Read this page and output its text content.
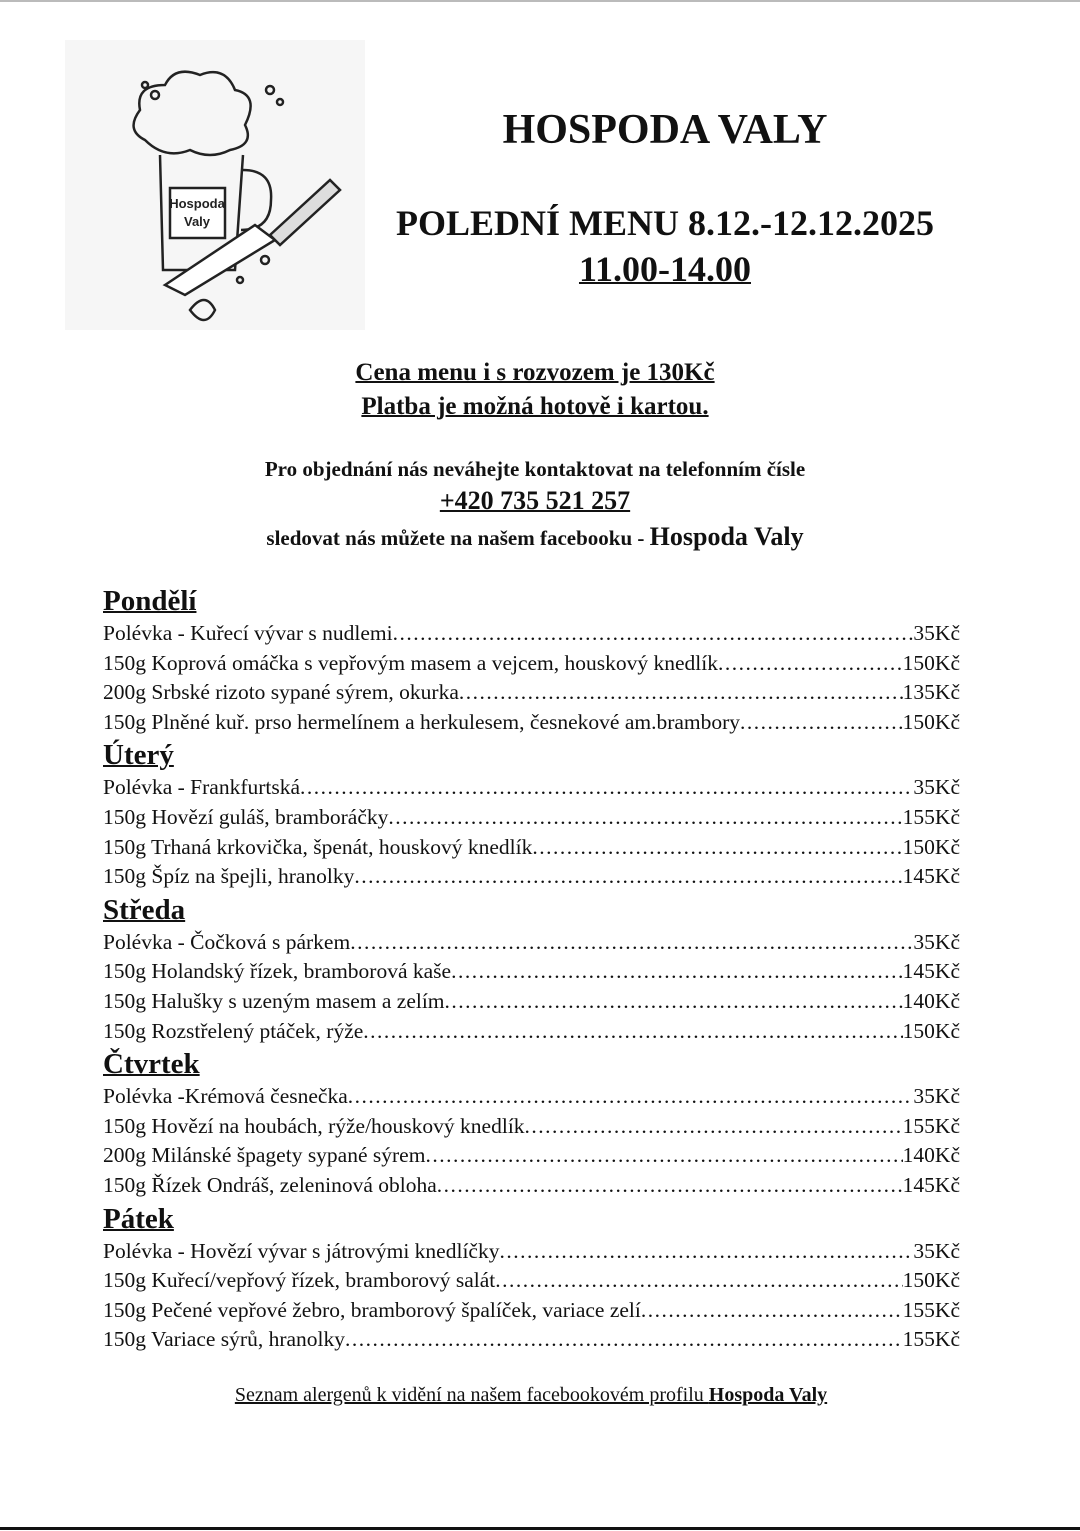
Hospoda
Valy
HOSPODA VALY
POLEDNÍ MENU 8.12.-12.12.2025
11.00-14.00
Cena menu i s rozvozem je 130Kč
Platba je možná hotově i kartou.
Pro objednání nás neváhejte kontaktovat na telefonním čísle
+420 735 521 257
sledovat nás můžete na našem facebooku - Hospoda Valy
Pondělí
Polévka - Kuřecí vývar s nudlemi .....	35Kč
150g Koprová omáčka s vepřovým masem a vejcem, houskový knedlík .....	150Kč
200g Srbské rizoto sypané sýrem, okurka .....	135Kč
150g Plněné kuř. prso hermelínem a herkulesem, česnekové am.brambory .....	150Kč
Úterý
Polévka - Frankfurtská .....	35Kč
150g Hovězí guláš, bramboráčky .....	155Kč
150g Trhaná krkovička, špenát, houskový knedlík .....	150Kč
150g Špíz na špejli, hranolky .....	145Kč
Středa
Polévka - Čočková s párkem .....	35Kč
150g Holandský řízek, bramborová kaše .....	145Kč
150g Halušky s uzeným masem a zelím .....	140Kč
150g Rozstřelený ptáček, rýže .....	150Kč
Čtvrtek
Polévka -Krémová česnečka .....	35Kč
150g Hovězí na houbách, rýže/houskový knedlík .....	155Kč
200g Milánské špagety sypané sýrem .....	140Kč
150g Řízek Ondráš, zeleninová obloha .....	145Kč
Pátek
Polévka - Hovězí vývar s játrovými knedlíčky .....	35Kč
150g Kuřecí/vepřový řízek, bramborový salát .....	150Kč
150g Pečené vepřové žebro, bramborový špalíček, variace zelí .....	155Kč
150g Variace sýrů, hranolky .....	155Kč
Seznam alergenů k vidění na našem facebookovém profilu Hospoda Valy
